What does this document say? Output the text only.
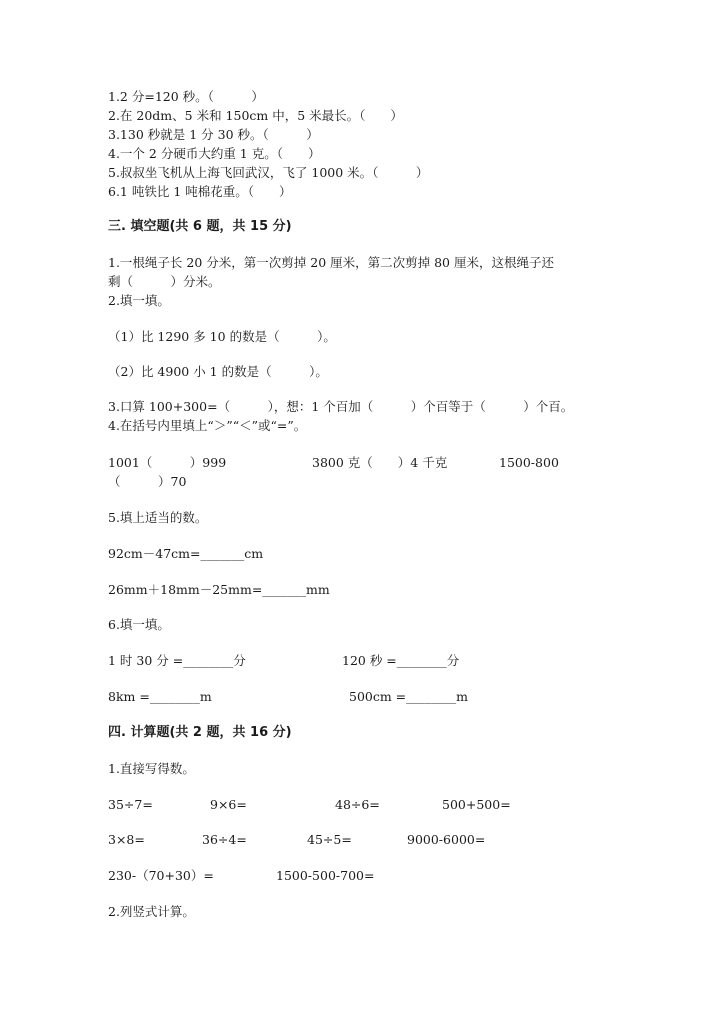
1.2 分=120 秒。（　　　）
2.在 20dm、5 米和 150cm 中，5 米最长。（　　）
3.130 秒就是 1 分 30 秒。（　　　）
4.一个 2 分硬币大约重 1 克。（　　）
5.叔叔坐飞机从上海飞回武汉，飞了 1000 米。（　　　）
6.1 吨铁比 1 吨棉花重。（　　）
三. 填空题(共 6 题，共 15 分)
1.一根绳子长 20 分米，第一次剪掉 20 厘米，第二次剪掉 80 厘米，这根绳子还
剩（　　　）分米。
2.填一填。
（1）比 1290 多 10 的数是（　　　）。
（2）比 4900 小 1 的数是（　　　）。
3.口算 100+300=（　　　），想：1 个百加（　　　）个百等于（　　　）个百。
4.在括号内里填上“＞”“＜”或“=”。
1001（　　　）999	3800 克（　　）4 千克	1500-800
（　　　）70
5.填上适当的数。
92cm－47cm=_______cm
26mm＋18mm－25mm=_______mm
6.填一填。
1 时 30 分 =________分	120 秒 =________分
8km =________m	500cm =________m
四. 计算题(共 2 题，共 16 分)
1.直接写得数。
35÷7=	9×6=	48÷6=	500+500=
3×8=	36÷4=	45÷5=	9000-6000=
230-（70+30）=	1500-500-700=
2.列竖式计算。
